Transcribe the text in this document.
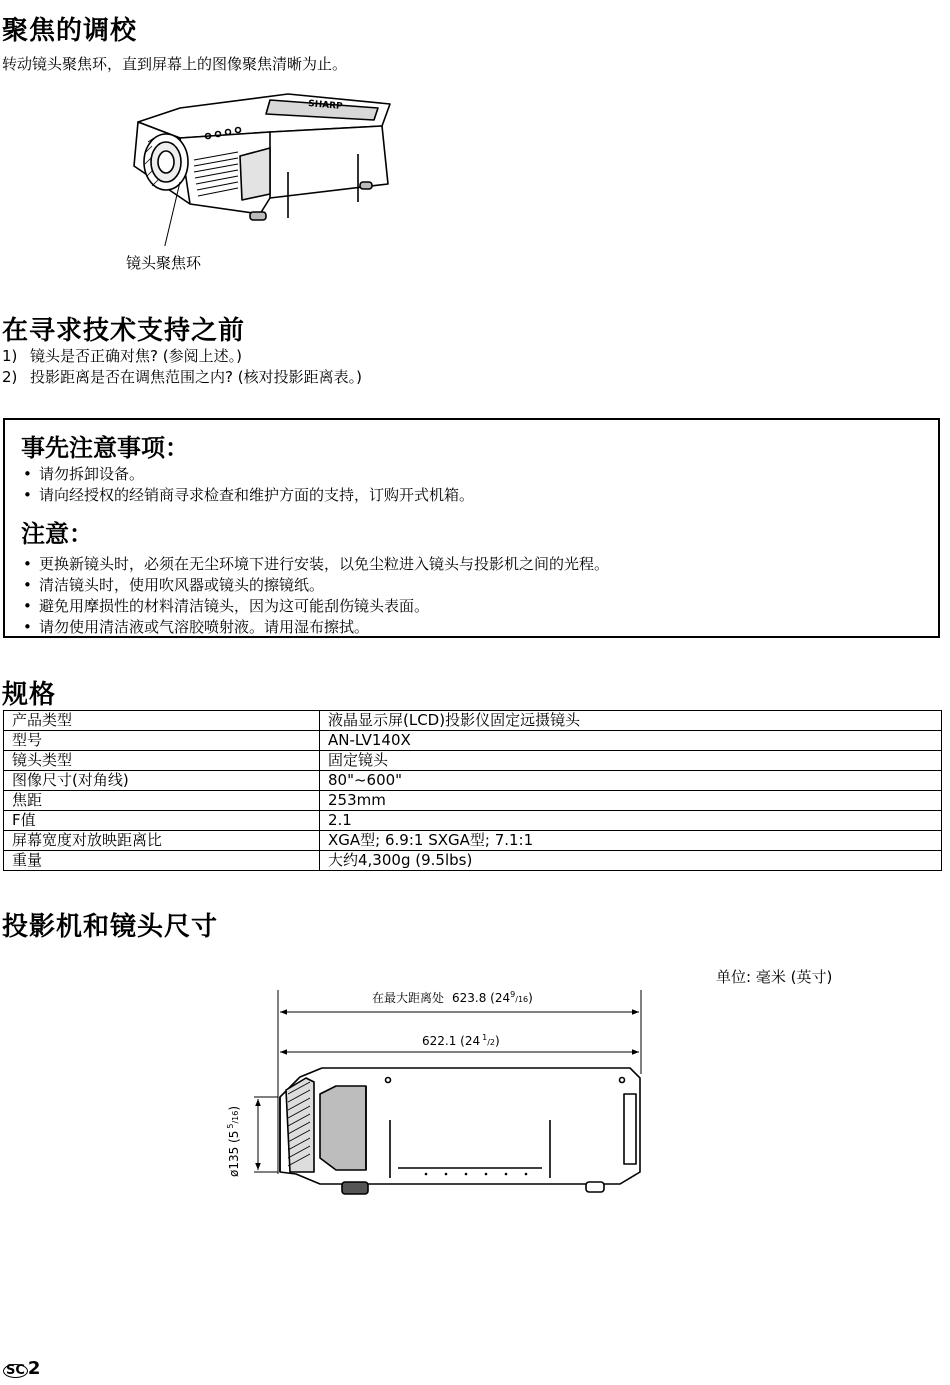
聚焦的调校
转动镜头聚焦环，直到屏幕上的图像聚焦清晰为止。
SHARP
镜头聚焦环
在寻求技术支持之前
1) 镜头是否正确对焦? (参阅上述。)
2) 投影距离是否在调焦范围之内? (核对投影距离表。)
事先注意事项：
• 请勿拆卸设备。
• 请向经授权的经销商寻求检查和维护方面的支持，订购开式机箱。
注意：
• 更换新镜头时，必须在无尘环境下进行安装，以免尘粒进入镜头与投影机之间的光程。
• 清洁镜头时，使用吹风器或镜头的擦镜纸。
• 避免用摩损性的材料清洁镜头，因为这可能刮伤镜头表面。
• 请勿使用清洁液或气溶胶喷射液。请用湿布擦拭。
规格
产品类型	液晶显示屏(LCD)投影仪固定远摄镜头
型号	AN-LV140X
镜头类型	固定镜头
图像尺寸(对角线)	80"~600"
焦距	253mm
F值	2.1
屏幕宽度对放映距离比	XGA型; 6.9:1 SXGA型; 7.1:1
重量	大约4,300g (9.5lbs)
投影机和镜头尺寸
单位: 毫米 (英寸)
在最大距离处 623.8 $(24^9_/16)$
622.1 (24 $^1_/$2)
ø135 $(5^5_/16)$
SC 2
